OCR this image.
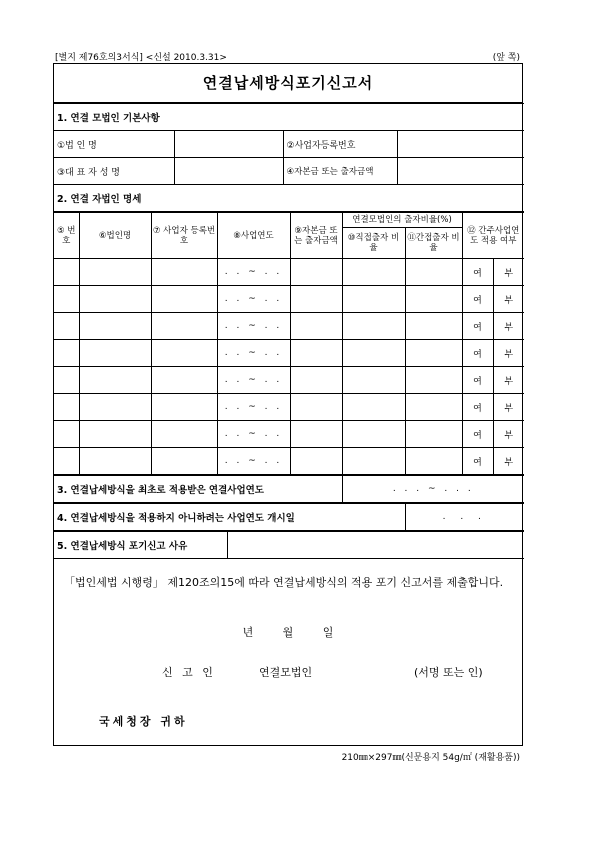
[별지 제76호의3서식] <신설 2010.3.31>	(앞 쪽)
연결납세방식포기신고서
1. 연결 모법인 기본사항			
①법 인 명		②사업자등록번호	
③대 표 자 성 명		④자본금 또는 출자금액	
2. 연결 자법인 명세			
⑤ 번호	⑥법인명	⑦ 사업자 등록번호	⑧사업연도	⑨자본금 또는 출자금액	연결모법인의 출자비율(%)		⑫ 간주사업연도 적용 여부	
					⑩직접출자 비 율	⑪간접출자 비 율		
			. . ~ . .				여	부
			. . ~ . .				여	부
			. . ~ . .				여	부
			. . ~ . .				여	부
			. . ~ . .				여	부
			. . ~ . .				여	부
			. . ~ . .				여	부
			. . ~ . .				여	부
3. 연결납세방식을 최초로 적용받은 연결사업연도	. . . ~ . . .
4. 연결납세방식을 적용하지 아니하려는 사업연도 개시일	. . .
5. 연결납세방식 포기신고 사유	
「법인세법 시행령」 제120조의15에 따라 연결납세방식의 적용 포기 신고서를 제출합니다.
년 월 일
신 고 인	연결모법인	(서명 또는 인)
국세청장 귀하
210㎜×297㎜(신문용지 54g/㎡ (재활용품))
